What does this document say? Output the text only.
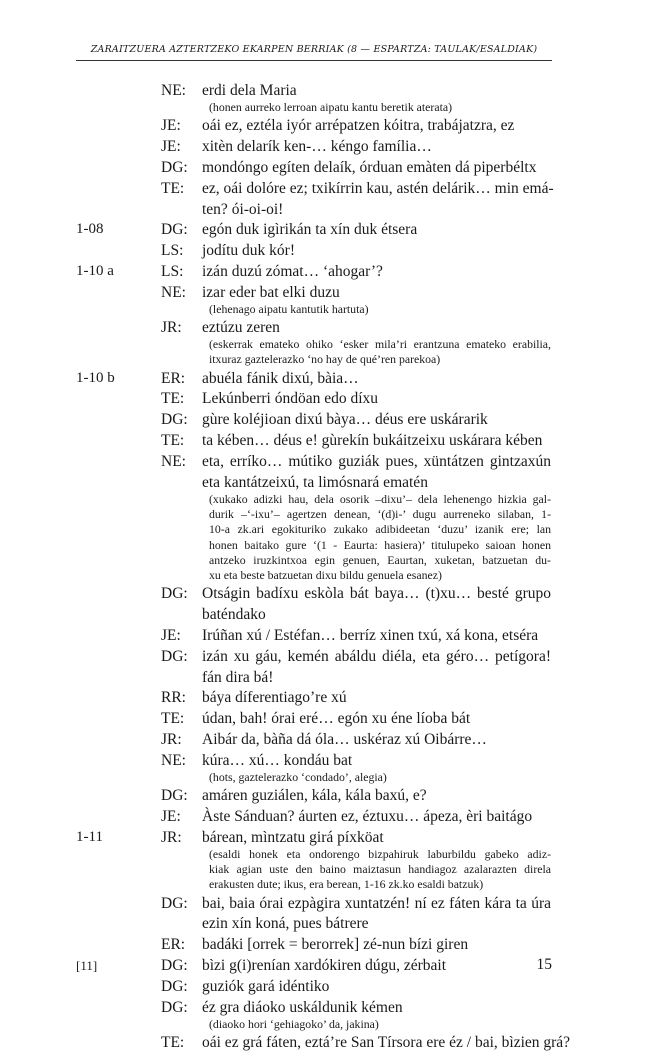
ZARAITZUERA AZTERTZEKO EKARPEN BERRIAK (8 — ESPARTZA: TAULAK/ESALDIAK)
NE: erdi dela Maria
(honen aurreko lerroan aipatu kantu beretik aterata)
JE: oái ez, eztéla iyór arrépatzen kóitra, trabájatzra, ez
JE: xitèn delarík ken-… kéngo família…
DG: mondóngo egíten delaík, órduan emàten dá piperbéltx
TE: ez, oái dolóre ez; txikírrin kau, astén delárik… min emá-
ten? ói-oi-oi!
1-08	DG: egón duk igìrikán ta xín duk étsera
LS: jodítu duk kór!
1-10 a	LS: izán duzú zómat… ‘ahogar’?
NE: izar eder bat elki duzu
(lehenago aipatu kantutik hartuta)
JR: eztúzu zeren
(eskerrak emateko ohiko ‘esker mila’ri erantzuna emateko erabilia,
itxuraz gaztelerazko ‘no hay de qué’ren parekoa)
1-10 b	ER: abuéla fánik dixú, bàia…
TE: Lekúnberri óndöan edo díxu
DG: gùre koléjioan dixú bàya… déus ere uskárarik
TE: ta kében… déus e! gùrekín bukáitzeixu uskárara kében
NE: eta, erríko… mútiko guziák pues, xüntátzen gintzaxún
eta kantátzeixú, ta limósnará ematén
(xukako adizki hau, dela osorik –dixu’– dela lehenengo hizkia gal-
durik –‘-ixu’– agertzen denean, ‘(d)i-’ dugu aurreneko silaban, 1-
10-a zk.ari egokituriko zukako adibideetan ‘duzu’ izanik ere; lan
honen baitako gure ‘(1 - Eaurta: hasiera)’ titulupeko saioan honen
antzeko iruzkintxoa egin genuen, Eaurtan, xuketan, batzuetan du-
xu eta beste batzuetan dixu bildu genuela esanez)
DG: Otságin badíxu eskòla bát baya… (t)xu… besté grupo
baténdako
JE: Irúñan xú / Estéfan… berríz xinen txú, xá kona, etséra
DG: izán xu gáu, kemén abáldu diéla, eta géro… petígora!
fán dira bá!
RR: báya díferentiago’re xú
TE: údan, bah! órai eré… egón xu éne líoba bát
JR: Aibár da, bàña dá óla… uskéraz xú Oibárre…
NE: kúra… xú… kondáu bat
(hots, gaztelerazko ‘condado’, alegia)
DG: amáren guziálen, kála, kála baxú, e?
JE: Àste Sánduan? áurten ez, éztuxu… ápeza, èri baitágo
1-11	JR: bárean, mìntzatu girá píxköat
(esaldi honek eta ondorengo bizpahiruk laburbildu gabeko adiz-
kiak agian uste den baino maiztasun handiagoz azalarazten direla
erakusten dute; ikus, era berean, 1-16 zk.ko esaldi batzuk)
DG: bai, baia órai ezpàgira xuntatzén! ní ez fáten kára ta úra
ezin xín koná, pues bátrere
ER: badáki [orrek = berorrek] zé-nun bízi giren
DG: bìzi g(i)renían xardókiren dúgu, zérbait
DG: guziók gará idéntiko
DG: éz gra diáoko uskáldunik kémen
(diaoko hori ‘gehiagoko’ da, jakina)
TE: oái ez grá fáten, eztá’re San Tírsora ere éz / bai, bìzien grá?
[11]	15
